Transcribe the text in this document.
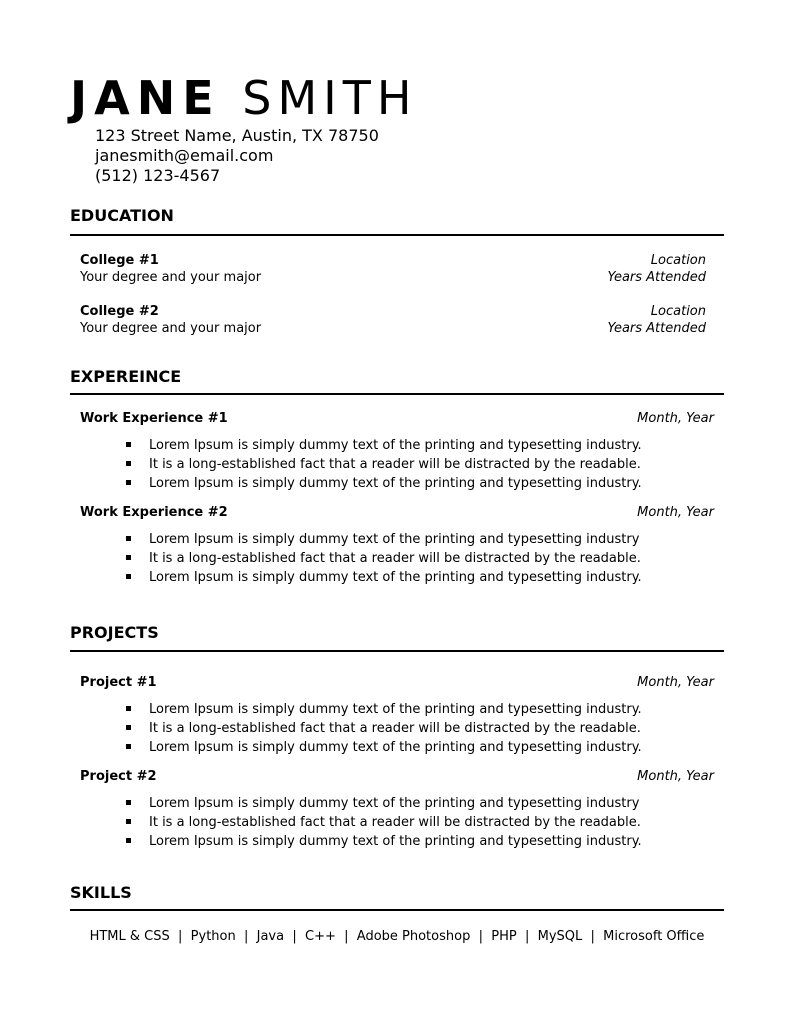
JANE SMITH
123 Street Name, Austin, TX 78750
janesmith@email.com
(512) 123-4567
EDUCATION
College #1	Location
Your degree and your major	Years Attended
College #2	Location
Your degree and your major	Years Attended
EXPEREINCE
Work Experience #1	Month, Year
Lorem Ipsum is simply dummy text of the printing and typesetting industry.
It is a long-established fact that a reader will be distracted by the readable.
Lorem Ipsum is simply dummy text of the printing and typesetting industry.
Work Experience #2	Month, Year
Lorem Ipsum is simply dummy text of the printing and typesetting industry
It is a long-established fact that a reader will be distracted by the readable.
Lorem Ipsum is simply dummy text of the printing and typesetting industry.
PROJECTS
Project #1	Month, Year
Lorem Ipsum is simply dummy text of the printing and typesetting industry.
It is a long-established fact that a reader will be distracted by the readable.
Lorem Ipsum is simply dummy text of the printing and typesetting industry.
Project #2	Month, Year
Lorem Ipsum is simply dummy text of the printing and typesetting industry
It is a long-established fact that a reader will be distracted by the readable.
Lorem Ipsum is simply dummy text of the printing and typesetting industry.
SKILLS
HTML & CSS  |  Python  |  Java  |  C++  |  Adobe Photoshop  |  PHP  |  MySQL  |  Microsoft Office
